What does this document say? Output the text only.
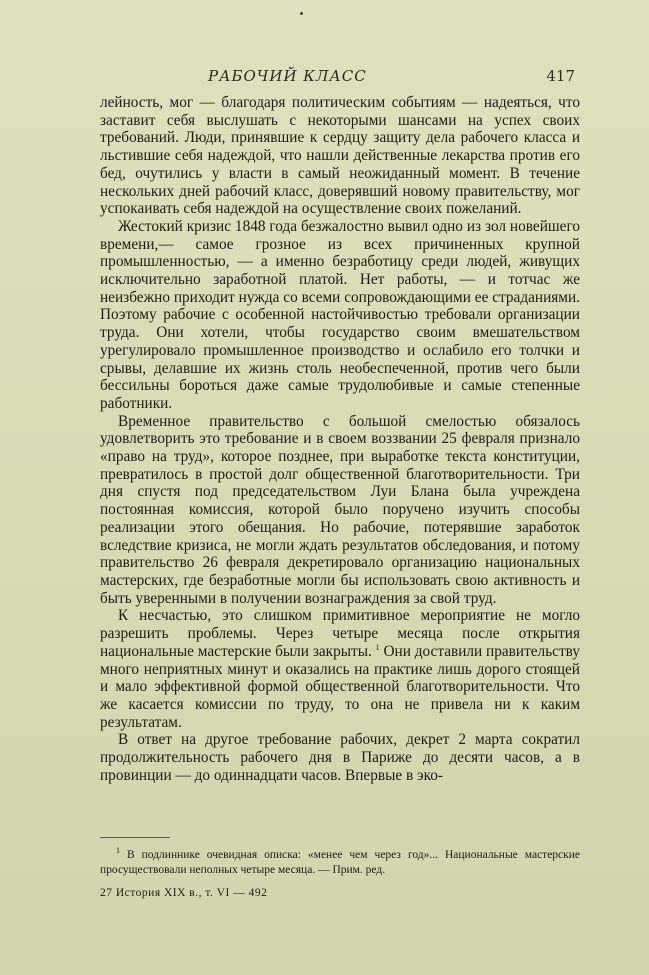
РАБОЧИЙ КЛАСС	417

лейность, мог — благодаря политическим событиям — надеяться, что заставит себя выслушать с некоторыми шансами на успех своих требований. Люди, принявшие к сердцу защиту дела рабочего класса и льстившие себя надеждой, что нашли действенные лекарства против его бед, очутились у власти в самый неожиданный момент. В течение нескольких дней рабочий класс, доверявший новому правительству, мог успокаивать себя надеждой на осуществление своих пожеланий.

Жестокий кризис 1848 года безжалостно вывил одно из зол новейшего времени,— самое грозное из всех причиненных крупной промышленностью, — а именно безработицу среди людей, живущих исключительно заработной платой. Нет работы, — и тотчас же неизбежно приходит нужда со всеми сопровождающими ее страданиями. Поэтому рабочие с особенной настойчивостью требовали организации труда. Они хотели, чтобы государство своим вмешательством урегулировало промышленное производство и ослабило его толчки и срывы, делавшие их жизнь столь необеспеченной, против чего были бессильны бороться даже самые трудолюбивые и самые степенные работники.

Временное правительство с большой смелостью обязалось удовлетворить это требование и в своем воззвании 25 февраля признало «право на труд», которое позднее, при выработке текста конституции, превратилось в простой долг общественной благотворительности. Три дня спустя под председательством Луи Блана была учреждена постоянная комиссия, которой было поручено изучить способы реализации этого обещания. Но рабочие, потерявшие заработок вследствие кризиса, не могли ждать результатов обследования, и потому правительство 26 февраля декретировало организацию национальных мастерских, где безработные могли бы использовать свою активность и быть уверенными в получении вознаграждения за свой труд.

К несчастью, это слишком примитивное мероприятие не могло разрешить проблемы. Через четыре месяца после открытия национальные мастерские были закрыты. $^1$ Они доставили правительству много неприятных минут и оказались на практике лишь дорого стоящей и мало эффективной формой общественной благотворительности. Что же касается комиссии по труду, то она не привела ни к каким результатам.

В ответ на другое требование рабочих, декрет 2 марта сократил продолжительность рабочего дня в Париже до десяти часов, а в провинции — до одиннадцати часов. Впервые в эко-

$^1$ В подлиннике очевидная описка: «менее чем через год»... Национальные мастерские просуществовали неполных четыре месяца. — Прим. ред.
27 История XIX в., т. VI — 492
